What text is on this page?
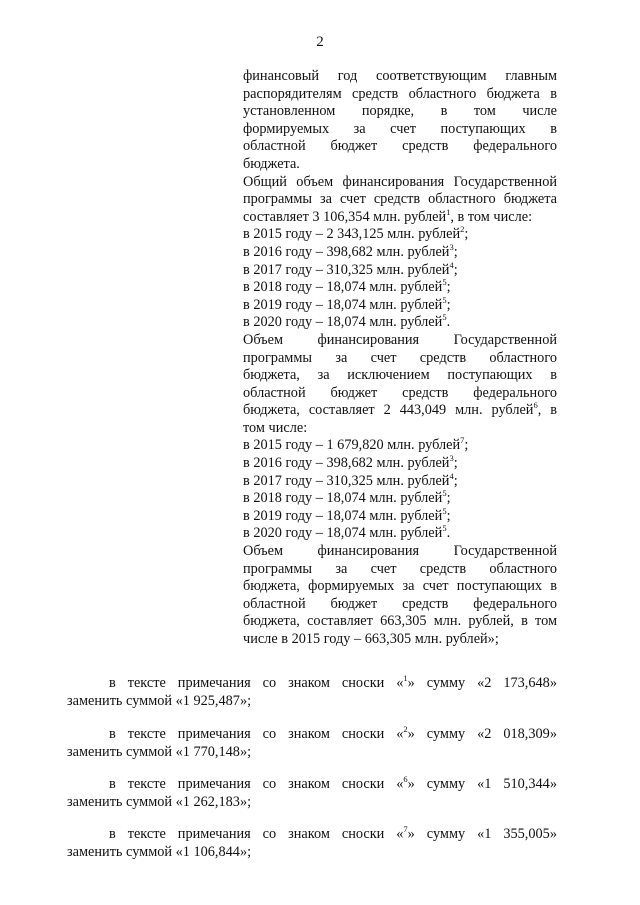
2

финансовый год соответствующим главным

распорядителям средств областного бюджета в

установленном порядке, в том числе

формируемых за счет поступающих в

областной бюджет средств федерального

бюджета.

Общий объем финансирования Государственной

программы за счет средств областного бюджета

составляет 3 106,354 млн. рублей$^1$, в том числе:

в 2015 году – 2 343,125 млн. рублей$^2$;

в 2016 году – 398,682 млн. рублей$^3$;

в 2017 году – 310,325 млн. рублей$^4$;

в 2018 году – 18,074 млн. рублей$^5$;

в 2019 году – 18,074 млн. рублей$^5$;

в 2020 году – 18,074 млн. рублей$^5$.

Объем финансирования Государственной

программы за счет средств областного

бюджета, за исключением поступающих в

областной бюджет средств федерального

бюджета, составляет 2 443,049 млн. рублей$^6$, в

том числе:

в 2015 году – 1 679,820 млн. рублей$^7$;

в 2016 году – 398,682 млн. рублей$^3$;

в 2017 году – 310,325 млн. рублей$^4$;

в 2018 году – 18,074 млн. рублей$^5$;

в 2019 году – 18,074 млн. рублей$^5$;

в 2020 году – 18,074 млн. рублей$^5$.

Объем финансирования Государственной

программы за счет средств областного

бюджета, формируемых за счет поступающих в

областной бюджет средств федерального

бюджета, составляет 663,305 млн. рублей, в том

числе в 2015 году – 663,305 млн. рублей»;

в тексте примечания со знаком сноски «$^1$» сумму «2 173,648»

заменить суммой «1 925,487»;

в тексте примечания со знаком сноски «$^2$» сумму «2 018,309»

заменить суммой «1 770,148»;

в тексте примечания со знаком сноски «$^6$» сумму «1 510,344»

заменить суммой «1 262,183»;

в тексте примечания со знаком сноски «$^7$» сумму «1 355,005»

заменить суммой «1 106,844»;
